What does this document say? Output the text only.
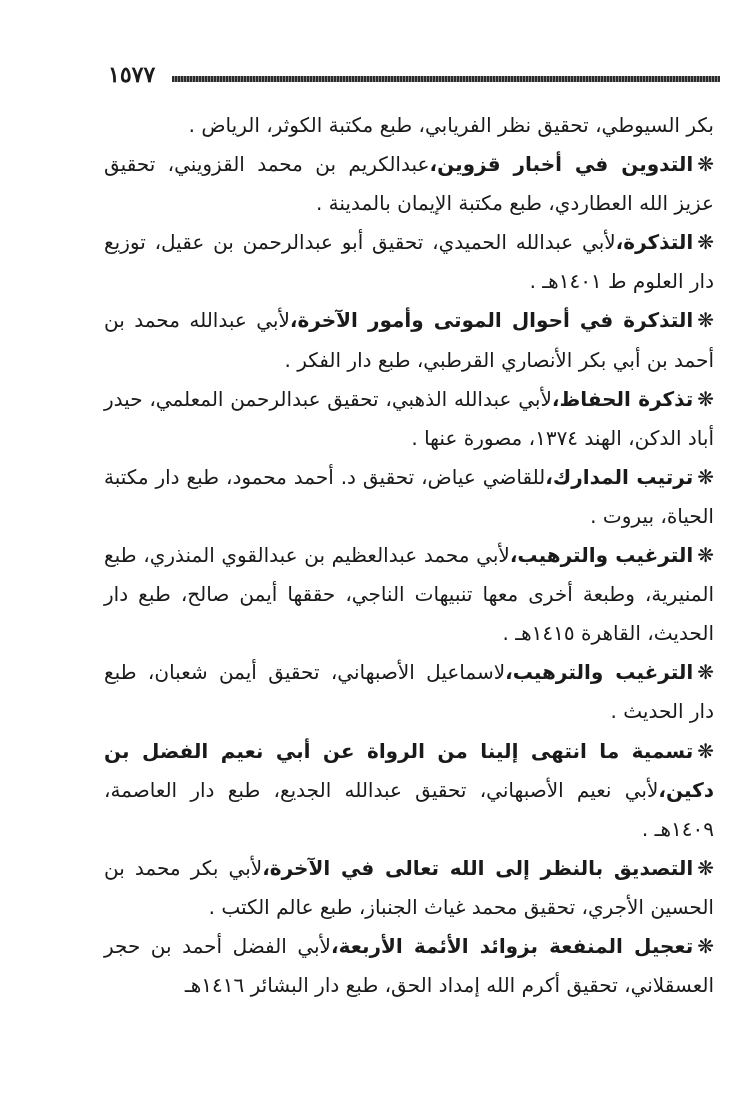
١٥٧٧

بكر السيوطي، تحقيق نظر الفريابي، طبع مكتبة الكوثر، الرياض .

❋التدوين في أخبار قزوين،عبدالكريم بن محمد القزويني، تحقيق عزيز الله العطاردي، طبع مكتبة الإيمان بالمدينة .

❋التذكرة،لأبي عبدالله الحميدي، تحقيق أبو عبدالرحمن بن عقيل، توزيع دار العلوم ط ١٤٠١هـ .

❋التذكرة في أحوال الموتى وأمور الآخرة،لأبي عبدالله محمد بن أحمد بن أبي بكر الأنصاري القرطبي، طبع دار الفكر .

❋تذكرة الحفاظ،لأبي عبدالله الذهبي، تحقيق عبدالرحمن المعلمي، حيدر أباد الدكن، الهند ١٣٧٤، مصورة عنها .

❋ترتيب المدارك،للقاضي عياض، تحقيق د. أحمد محمود، طبع دار مكتبة الحياة، بيروت .

❋الترغيب والترهيب،لأبي محمد عبدالعظيم بن عبدالقوي المنذري، طبع المنيرية، وطبعة أخرى معها تنبيهات الناجي، حققها أيمن صالح، طبع دار الحديث، القاهرة ١٤١٥هـ .

❋الترغيب والترهيب،لاسماعيل الأصبهاني، تحقيق أيمن شعبان، طبع دار الحديث .

❋تسمية ما انتهى إلينا من الرواة عن أبي نعيم الفضل بن دكين،لأبي نعيم الأصبهاني، تحقيق عبدالله الجديع، طبع دار العاصمة، ١٤٠٩هـ .

❋التصديق بالنظر إلى الله تعالى في الآخرة،لأبي بكر محمد بن الحسين الأجري، تحقيق محمد غياث الجنباز، طبع عالم الكتب .

❋تعجيل المنفعة بزوائد الأئمة الأربعة،لأبي الفضل أحمد بن حجر العسقلاني، تحقيق أكرم الله إمداد الحق، طبع دار البشائر ١٤١٦هـ
